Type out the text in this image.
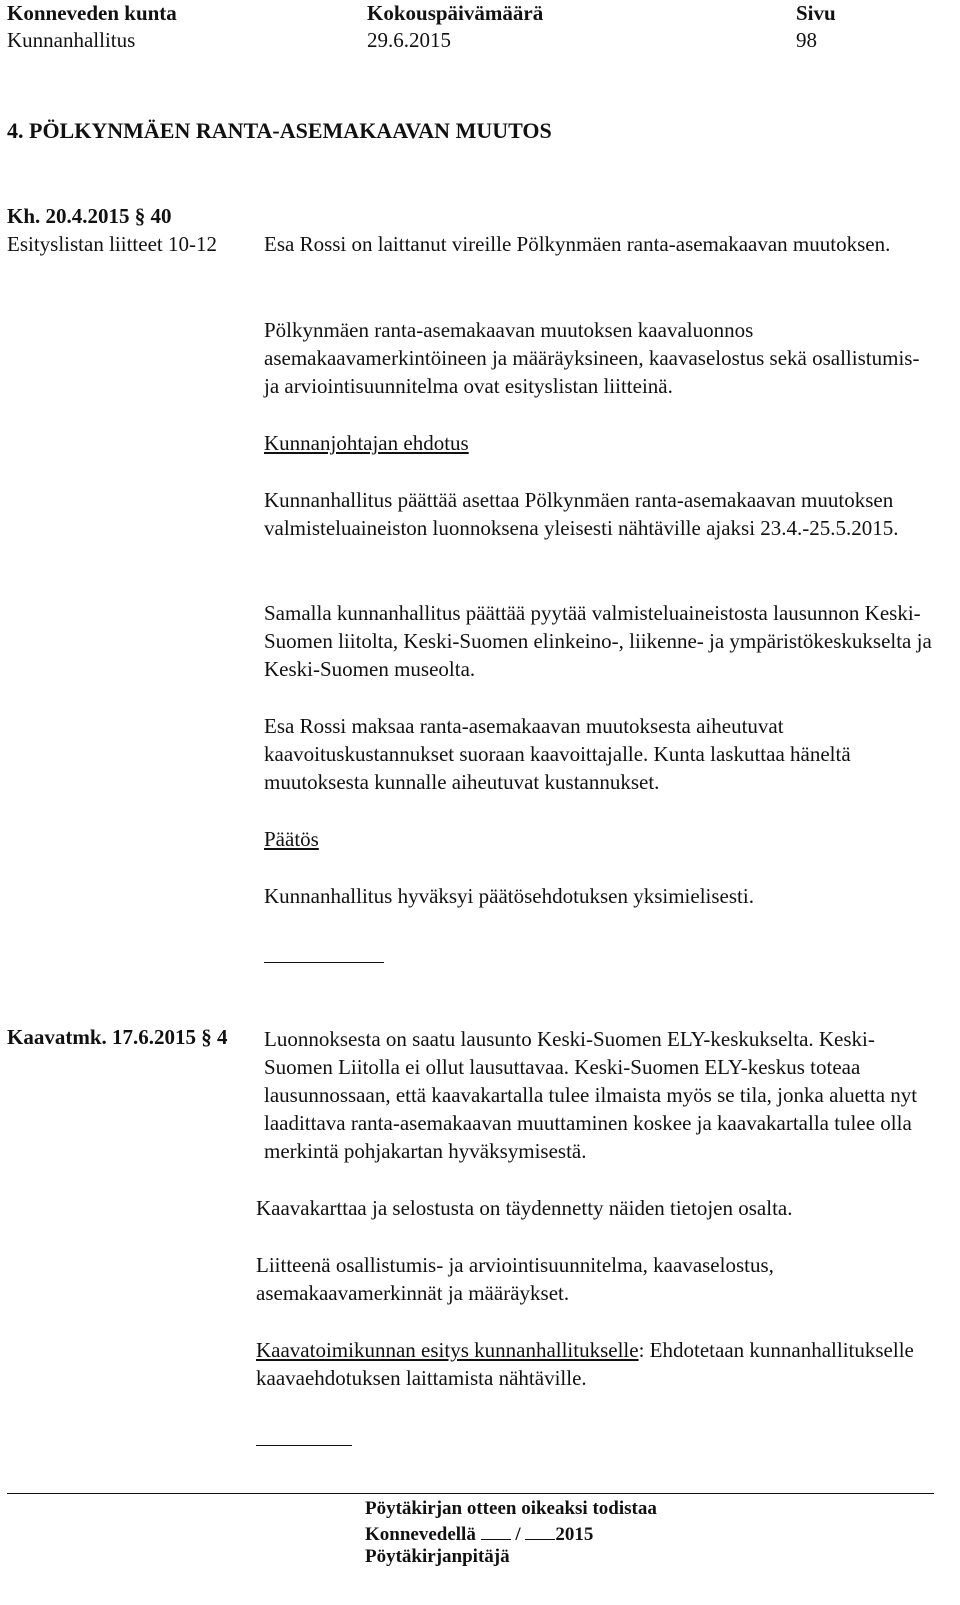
Konneveden kunta
Kunnanhallitus
Kokouspäivämäärä
29.6.2015
Sivu
98
4. PÖLKYNMÄEN RANTA-ASEMAKAAVAN MUUTOS
Kh. 20.4.2015 § 40
Esityslistan liitteet 10-12 Esa Rossi on laittanut vireille Pölkynmäen ranta-asemakaavan muutoksen.

Pölkynmäen ranta-asemakaavan muutoksen kaavaluonnos asemakaavamerkintöineen ja määräyksineen, kaavaselostus sekä osallistumis- ja arviointisuunnitelma ovat esityslistan liitteinä.

Kunnanjohtajan ehdotus

Kunnanhallitus päättää asettaa Pölkynmäen ranta-asemakaavan muutoksen valmisteluaineiston luonnoksena yleisesti nähtäville ajaksi 23.4.-25.5.2015.

Samalla kunnanhallitus päättää pyytää valmisteluaineistosta lausunnon Keski-Suomen liitolta, Keski-Suomen elinkeino-, liikenne- ja ympäristökeskukselta ja Keski-Suomen museolta.

Esa Rossi maksaa ranta-asemakaavan muutoksesta aiheutuvat kaavoituskustannukset suoraan kaavoittajalle. Kunta laskuttaa häneltä muutoksesta kunnalle aiheutuvat kustannukset.

Päätös

Kunnanhallitus hyväksyi päätösehdotuksen yksimielisesti.

Kaavatmk. 17.6.2015 § 4 Luonnoksesta on saatu lausunto Keski-Suomen ELY-keskukselta. Keski-Suomen Liitolla ei ollut lausuttavaa. Keski-Suomen ELY-keskus toteaa lausunnossaan, että kaavakartalla tulee ilmaista myös se tila, jonka aluetta nyt laadittava ranta-asemakaavan muuttaminen koskee ja kaavakartalla tulee olla merkintä pohjakartan hyväksymisestä.

Kaavakarttaa ja selostusta on täydennetty näiden tietojen osalta.

Liitteenä osallistumis- ja arviointisuunnitelma, kaavaselostus, asemakaavamerkinnät ja määräykset.

Kaavatoimikunnan esitys kunnanhallitukselle: Ehdotetaan kunnanhallitukselle kaavaehdotuksen laittamista nähtäville.

Pöytäkirjan otteen oikeaksi todistaa
Konnevedellä / 2015
Pöytäkirjanpitäjä
